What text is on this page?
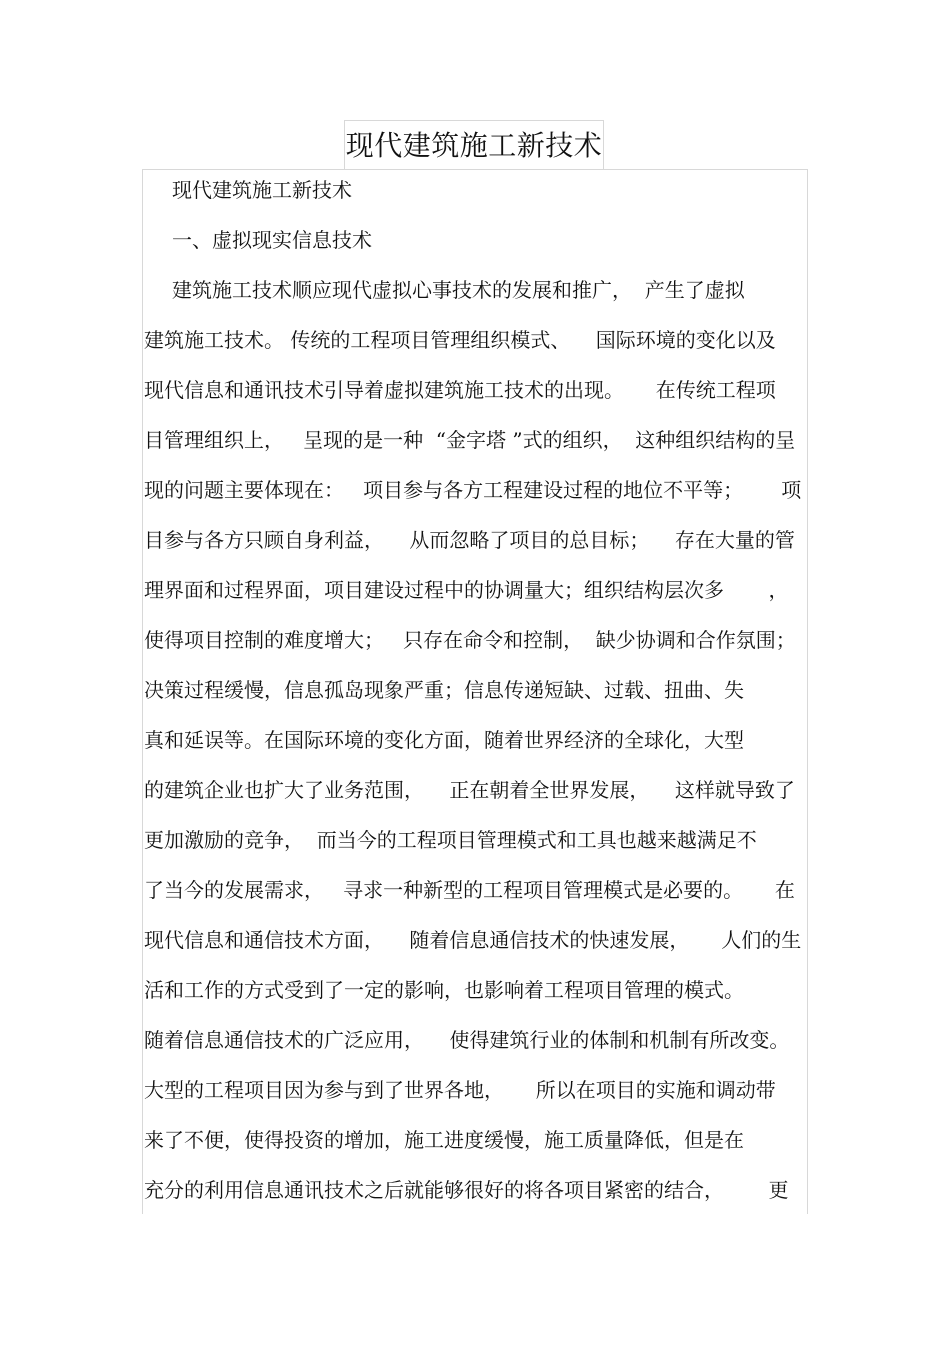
现代建筑施工新技术
现代建筑施工新技术
一、虚拟现实信息技术
建筑施工技术顺应现代虚拟心事技术的发展和推广，  产生了虚拟
建筑施工技术。 传统的工程项目管理组织模式、    国际环境的变化以及
现代信息和通讯技术引导着虚拟建筑施工技术的出现。     在传统工程项
目管理组织上，   呈现的是一种  “金字塔 ”式的组织，  这种组织结构的呈
现的问题主要体现在：   项目参与各方工程建设过程的地位不平等；      项
目参与各方只顾自身利益，    从而忽略了项目的总目标；    存在大量的管
理界面和过程界面，项目建设过程中的协调量大；组织结构层次多       ，
使得项目控制的难度增大；   只存在命令和控制，  缺少协调和合作氛围；
决策过程缓慢，信息孤岛现象严重；信息传递短缺、过载、扭曲、失
真和延误等。在国际环境的变化方面，随着世界经济的全球化，大型
的建筑企业也扩大了业务范围，    正在朝着全世界发展，    这样就导致了
更加激励的竞争，  而当今的工程项目管理模式和工具也越来越满足不
了当今的发展需求，   寻求一种新型的工程项目管理模式是必要的。     在
现代信息和通信技术方面，    随着信息通信技术的快速发展，     人们的生
活和工作的方式受到了一定的影响，也影响着工程项目管理的模式。
随着信息通信技术的广泛应用，    使得建筑行业的体制和机制有所改变。
大型的工程项目因为参与到了世界各地，     所以在项目的实施和调动带
来了不便，使得投资的增加，施工进度缓慢，施工质量降低，但是在
充分的利用信息通讯技术之后就能够很好的将各项目紧密的结合，       更
